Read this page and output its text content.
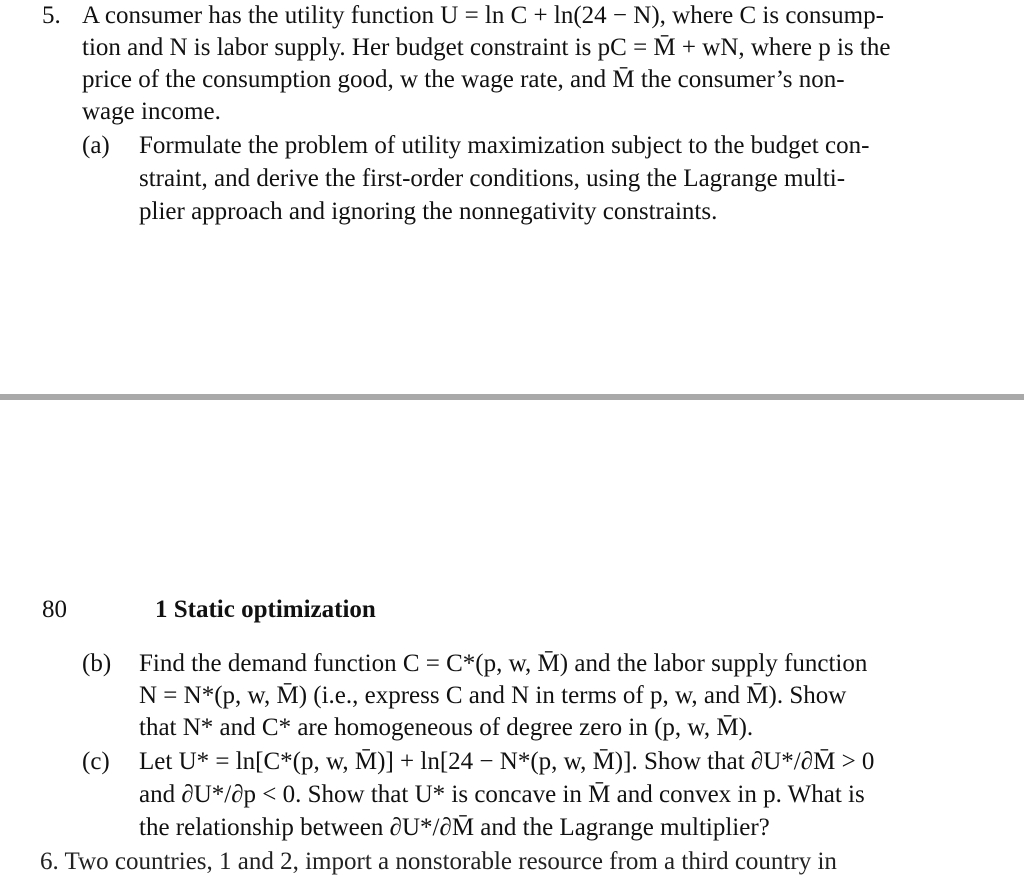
5. A consumer has the utility function U = ln C + ln(24 − N), where C is consump-
tion and N is labor supply. Her budget constraint is pC = M̄ + wN, where p is the
price of the consumption good, w the wage rate, and M̄ the consumer’s non-
wage income.
(a) Formulate the problem of utility maximization subject to the budget con-
straint, and derive the first-order conditions, using the Lagrange multi-
plier approach and ignoring the nonnegativity constraints.
80	1 Static optimization
(b) Find the demand function C = C*(p, w, M̄) and the labor supply function
N = N*(p, w, M̄) (i.e., express C and N in terms of p, w, and M̄). Show
that N* and C* are homogeneous of degree zero in (p, w, M̄).
(c) Let U* = ln[C*(p, w, M̄)] + ln[24 − N*(p, w, M̄)]. Show that ∂U*/∂M̄ > 0
and ∂U*/∂p < 0. Show that U* is concave in M̄ and convex in p. What is
the relationship between ∂U*/∂M̄ and the Lagrange multiplier?
6. Two countries, 1 and 2, import a nonstorable resource from a third country in
